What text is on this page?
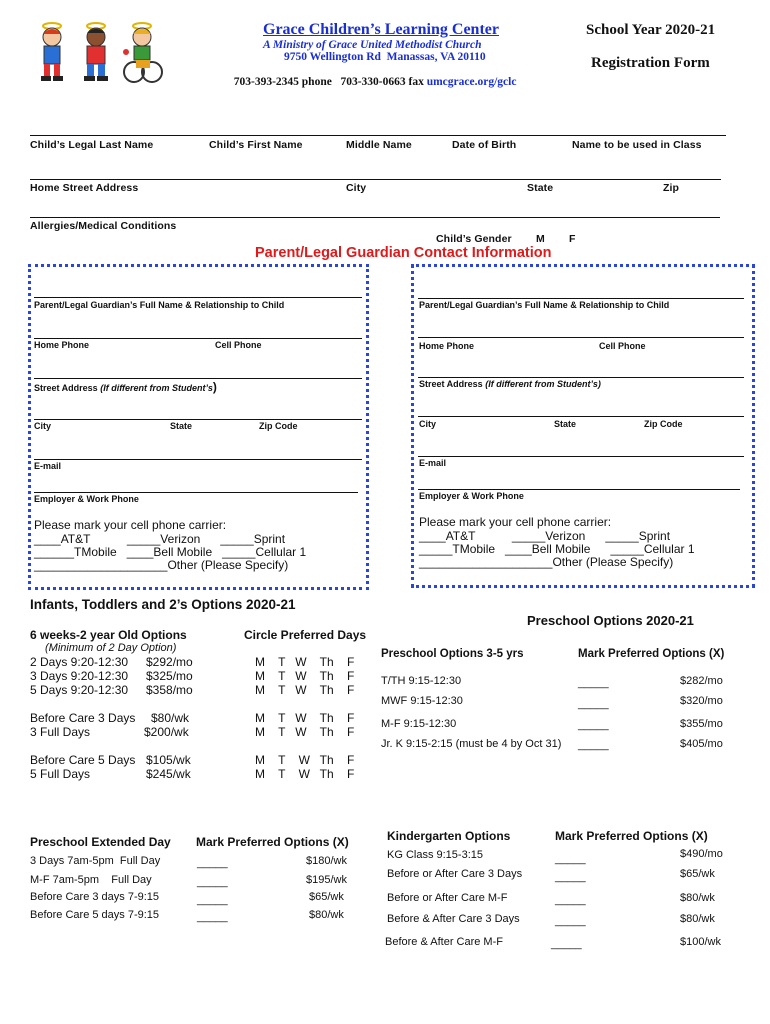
Grace Children’s Learning Center
A Ministry of Grace United Methodist Church
9750 Wellington Rd  Manassas, VA 20110

703-393-2345 phone   703-330-0663 fax umcgrace.org/gclc

School Year 2020-21
Registration Form
Child’s Legal Last Name	Child’s First Name	Middle Name	Date of Birth	Name to be used in Class
Home Street Address	City	State	Zip
Allergies/Medical Conditions
Child’s Gender M F
Parent/Legal Guardian Contact Information
Parent/Legal Guardian’s Full Name & Relationship to Child
Home Phone	Cell Phone
Street Address (If different from Student’s)
City	State	Zip Code
E-mail
Employer & Work Phone
Please mark your cell phone carrier:
____AT&T           _____Verizon      _____Sprint
______TMobile   ____Bell Mobile   _____Cellular 1
____________________Other (Please Specify)
Parent/Legal Guardian’s Full Name & Relationship to Child
Home Phone	Cell Phone
Street Address (If different from Student’s)
City	State	Zip Code
E-mail
Employer & Work Phone
Please mark your cell phone carrier:
____AT&T           _____Verizon      _____Sprint
_____TMobile   ____Bell Mobile      _____Cellular 1
____________________Other (Please Specify)
Infants, Toddlers and 2’s Options 2020-21
6 weeks-2 year Old Options	Circle Preferred Days
(Minimum of 2 Day Option)
2 Days 9:20-12:30 $292/mo	M    T   W    Th    F
3 Days 9:20-12:30 $325/mo	M    T   W    Th    F
5 Days 9:20-12:30 $358/mo	M    T   W    Th    F
Before Care 3 Days $80/wk	M    T   W    Th    F
3 Full Days	$200/wk	M    T   W    Th    F
Before Care 5 Days $105/wk	M    T    W   Th    F
5 Full Days	$245/wk	M    T    W   Th    F
Preschool Options 2020-21
Preschool Options 3-5 yrs	Mark Preferred Options (X)
T/TH 9:15-12:30	_____	$282/mo
MWF 9:15-12:30	_____	$320/mo
M-F 9:15-12:30	_____	$355/mo
Jr. K 9:15-2:15 (must be 4 by Oct 31) _____	$405/mo
Preschool Extended Day Mark Preferred Options (X)
3 Days 7am-5pm  Full Day	_____	$180/wk
M-F 7am-5pm    Full Day	_____	$195/wk
Before Care 3 days 7-9:15	_____	$65/wk
Before Care 5 days 7-9:15	_____	$80/wk
Kindergarten Options	Mark Preferred Options (X)
KG Class 9:15-3:15	_____	$490/mo
Before or After Care 3 Days	_____	$65/wk
Before or After Care M-F	_____	$80/wk
Before & After Care 3 Days	_____	$80/wk
Before & After Care M-F	_____	$100/wk
